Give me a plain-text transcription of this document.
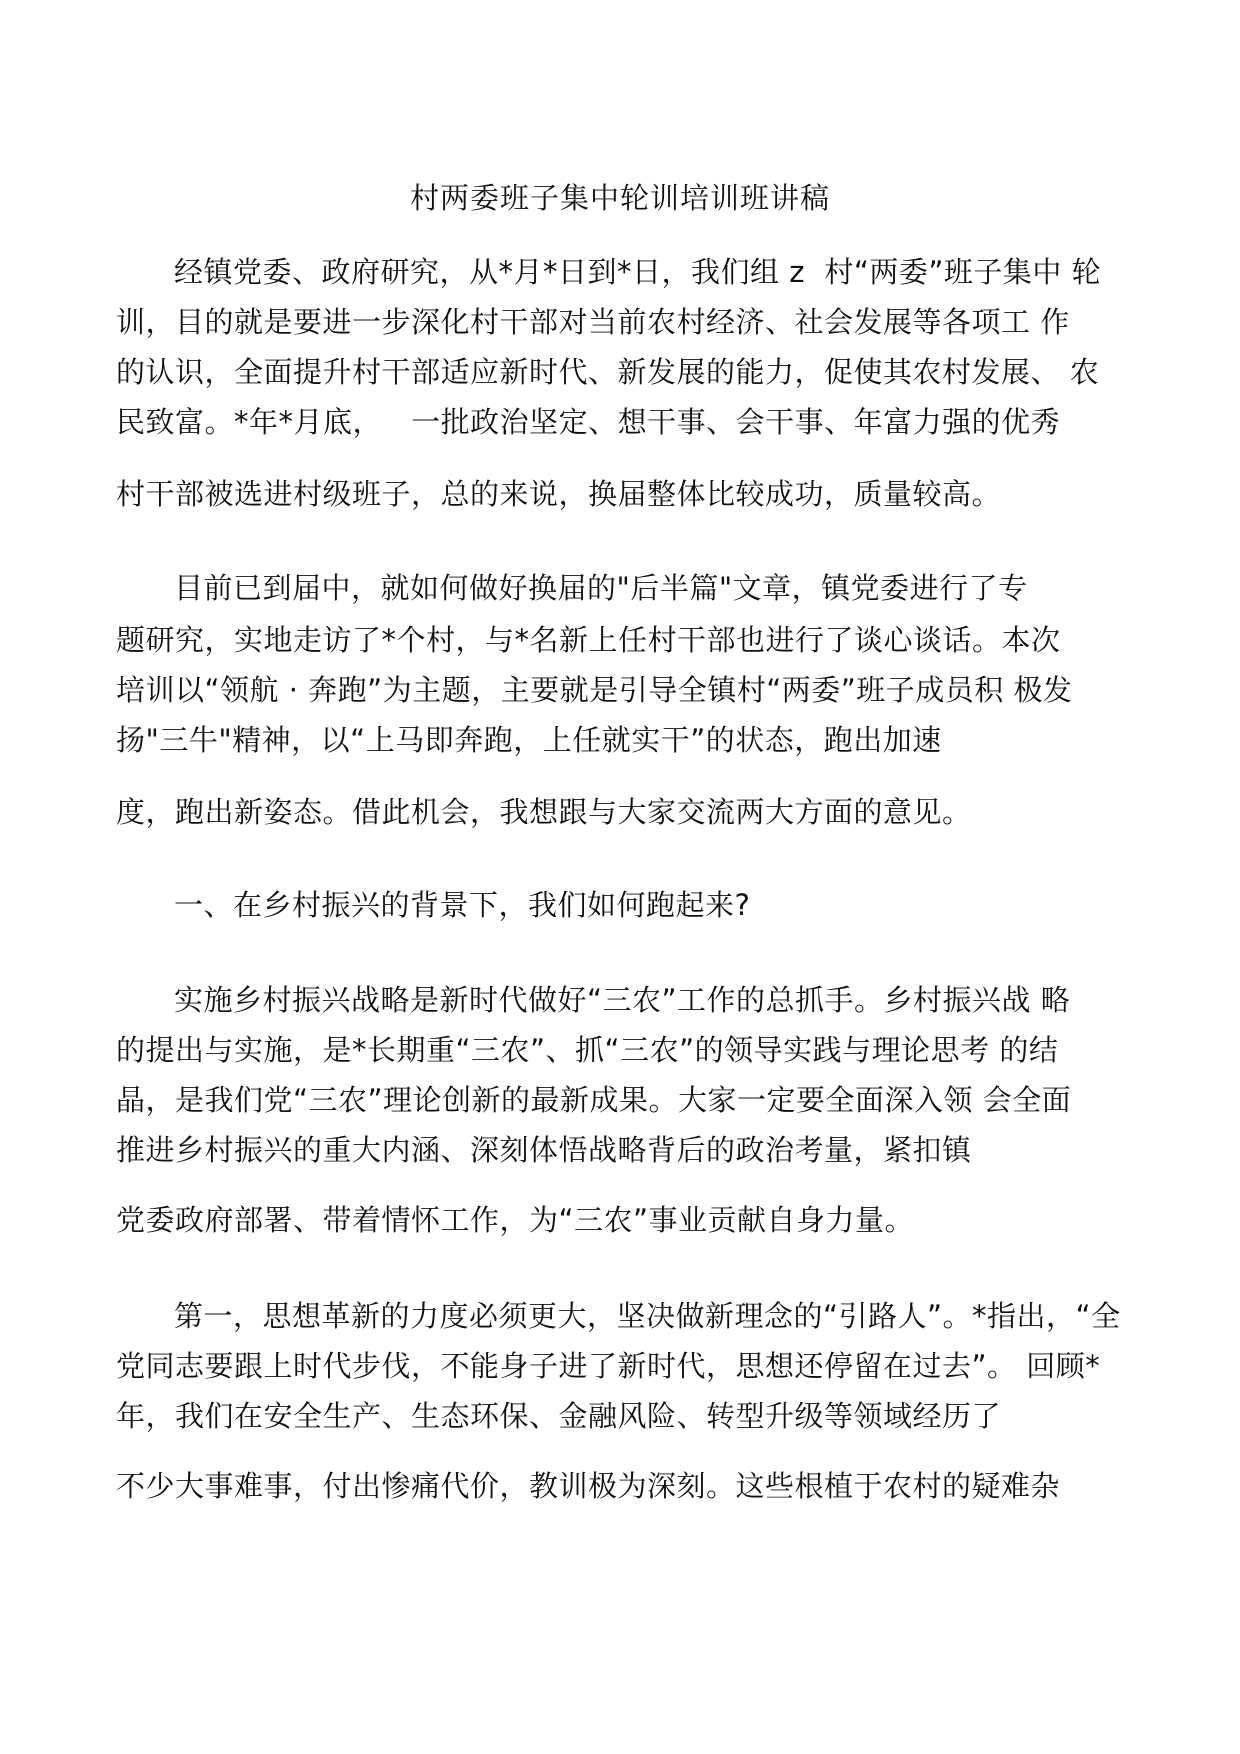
村两委班子集中轮训培训班讲稿
经镇党委、政府研究，从*月*日到*日，我们组 z  村“两委”班子集中 轮
训，目的就是要进一步深化村干部对当前农村经济、社会发展等各项工 作
的认识，全面提升村干部适应新时代、新发展的能力，促使其农村发展、 农
民致富。*年*月底，   一批政治坚定、想干事、会干事、年富力强的优秀
村干部被选进村级班子，总的来说，换届整体比较成功，质量较高。
目前已到届中，就如何做好换届的"后半篇"文章，镇党委进行了专
题研究，实地走访了*个村，与*名新上任村干部也进行了谈心谈话。本次
培训以“领航 · 奔跑”为主题，主要就是引导全镇村“两委”班子成员积 极发
扬"三牛"精神，以“上马即奔跑，上任就实干”的状态，跑出加速
度，跑出新姿态。借此机会，我想跟与大家交流两大方面的意见。
一、在乡村振兴的背景下，我们如何跑起来?
实施乡村振兴战略是新时代做好“三农”工作的总抓手。乡村振兴战 略
的提出与实施，是*长期重“三农”、抓“三农”的领导实践与理论思考 的结
晶，是我们党“三农”理论创新的最新成果。大家一定要全面深入领 会全面
推进乡村振兴的重大内涵、深刻体悟战略背后的政治考量，紧扣镇
党委政府部署、带着情怀工作，为“三农”事业贡献自身力量。
第一，思想革新的力度必须更大，坚决做新理念的“引路人”。*指出，“全
党同志要跟上时代步伐，不能身子进了新时代，思想还停留在过去”。 回顾*
年，我们在安全生产、生态环保、金融风险、转型升级等领域经历了
不少大事难事，付出惨痛代价，教训极为深刻。这些根植于农村的疑难杂
